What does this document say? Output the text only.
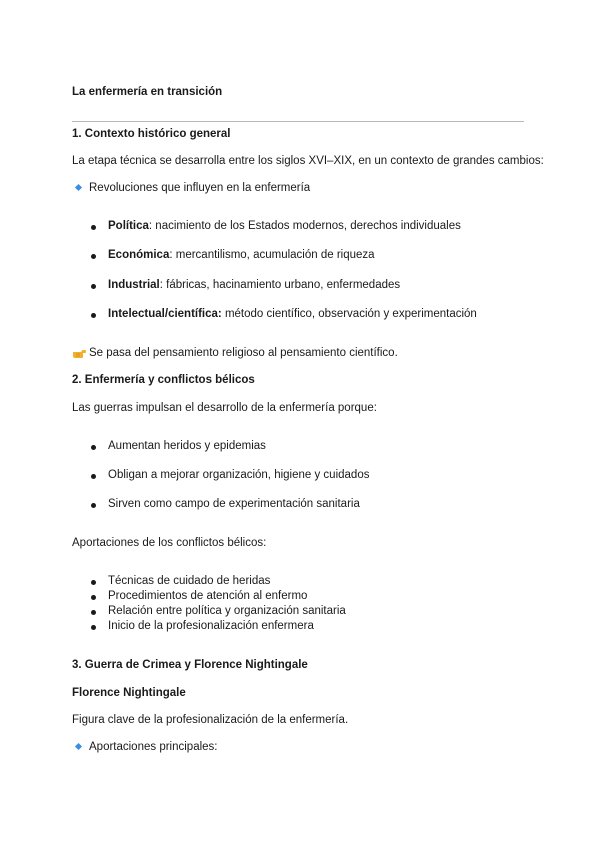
La enfermería en transición
1. Contexto histórico general
La etapa técnica se desarrolla entre los siglos XVI–XIX, en un contexto de grandes cambios:
Revoluciones que influyen en la enfermería
Política: nacimiento de los Estados modernos, derechos individuales
Económica: mercantilismo, acumulación de riqueza
Industrial: fábricas, hacinamiento urbano, enfermedades
Intelectual/científica: método científico, observación y experimentación
Se pasa del pensamiento religioso al pensamiento científico.
2. Enfermería y conflictos bélicos
Las guerras impulsan el desarrollo de la enfermería porque:
Aumentan heridos y epidemias
Obligan a mejorar organización, higiene y cuidados
Sirven como campo de experimentación sanitaria
Aportaciones de los conflictos bélicos:
Técnicas de cuidado de heridas
Procedimientos de atención al enfermo
Relación entre política y organización sanitaria
Inicio de la profesionalización enfermera
3. Guerra de Crimea y Florence Nightingale
Florence Nightingale
Figura clave de la profesionalización de la enfermería.
Aportaciones principales:
